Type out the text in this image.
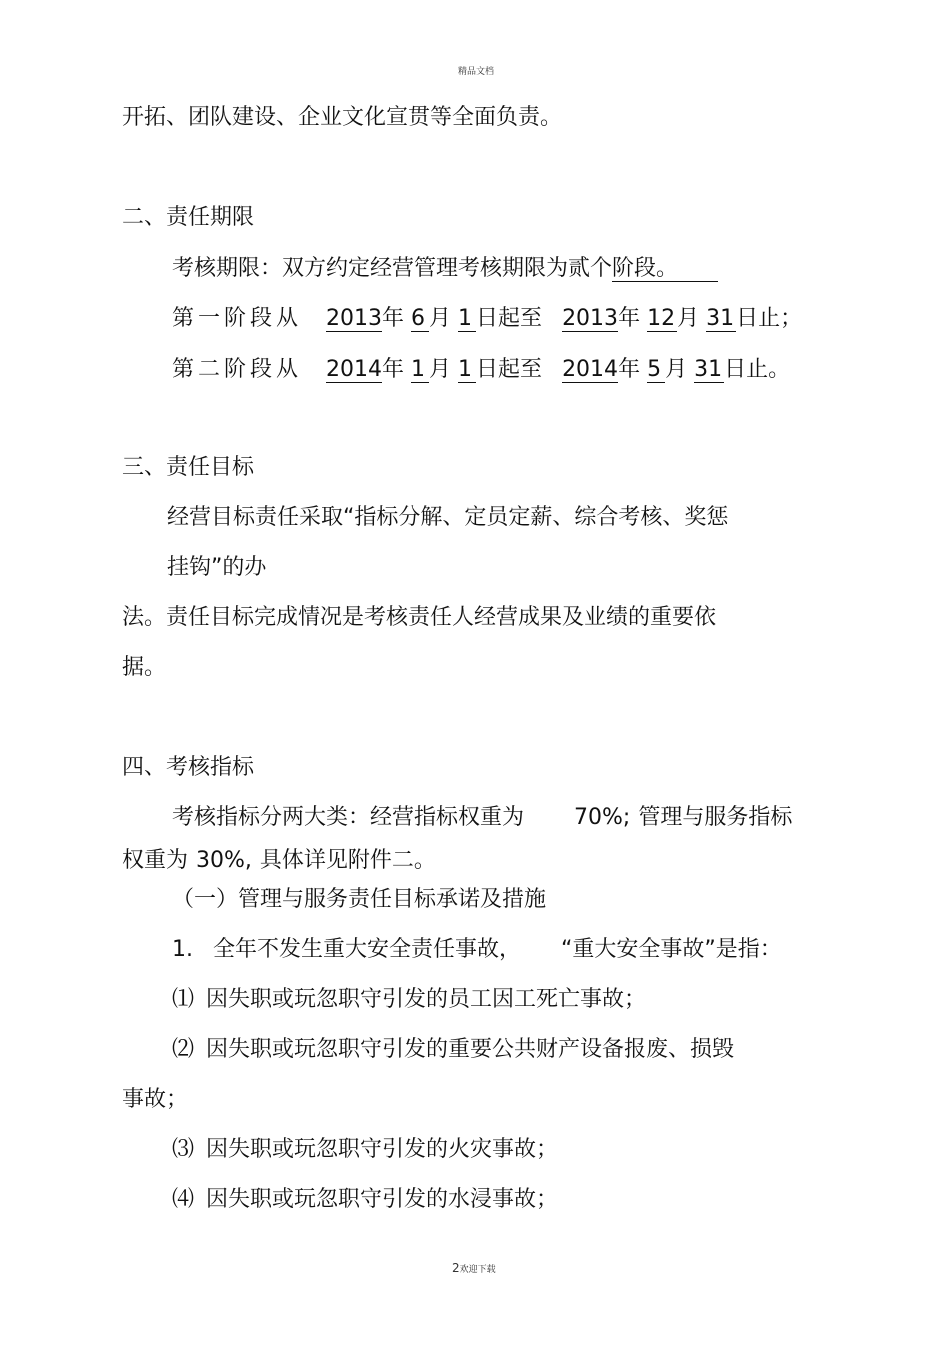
精品文档
开拓、团队建设、企业文化宣贯等全面负责。
二、责任期限
考核期限：双方约定经营管理考核期限为贰个阶段。
第一阶段从 2013年 6 月 1 日起至 2013年 12月 31日止；
第二阶段从 2014年 1 月 1 日起至 2014年 5 月 31日止。
三、责任目标
经营目标责任采取“指标分解、定员定薪、综合考核、奖惩
挂钩”的办
法。责任目标完成情况是考核责任人经营成果及业绩的重要依
据。
四、考核指标
考核指标分两大类：经营指标权重为 70%; 管理与服务指标
权重为 30%, 具体详见附件二。
（一）管理与服务责任目标承诺及措施
1. 全年不发生重大安全责任事故， “重大安全事故”是指：
⑴ 因失职或玩忽职守引发的员工因工死亡事故；
⑵ 因失职或玩忽职守引发的重要公共财产设备报废、损毁
事故；
⑶ 因失职或玩忽职守引发的火灾事故；
⑷ 因失职或玩忽职守引发的水浸事故；
2欢迎下载
